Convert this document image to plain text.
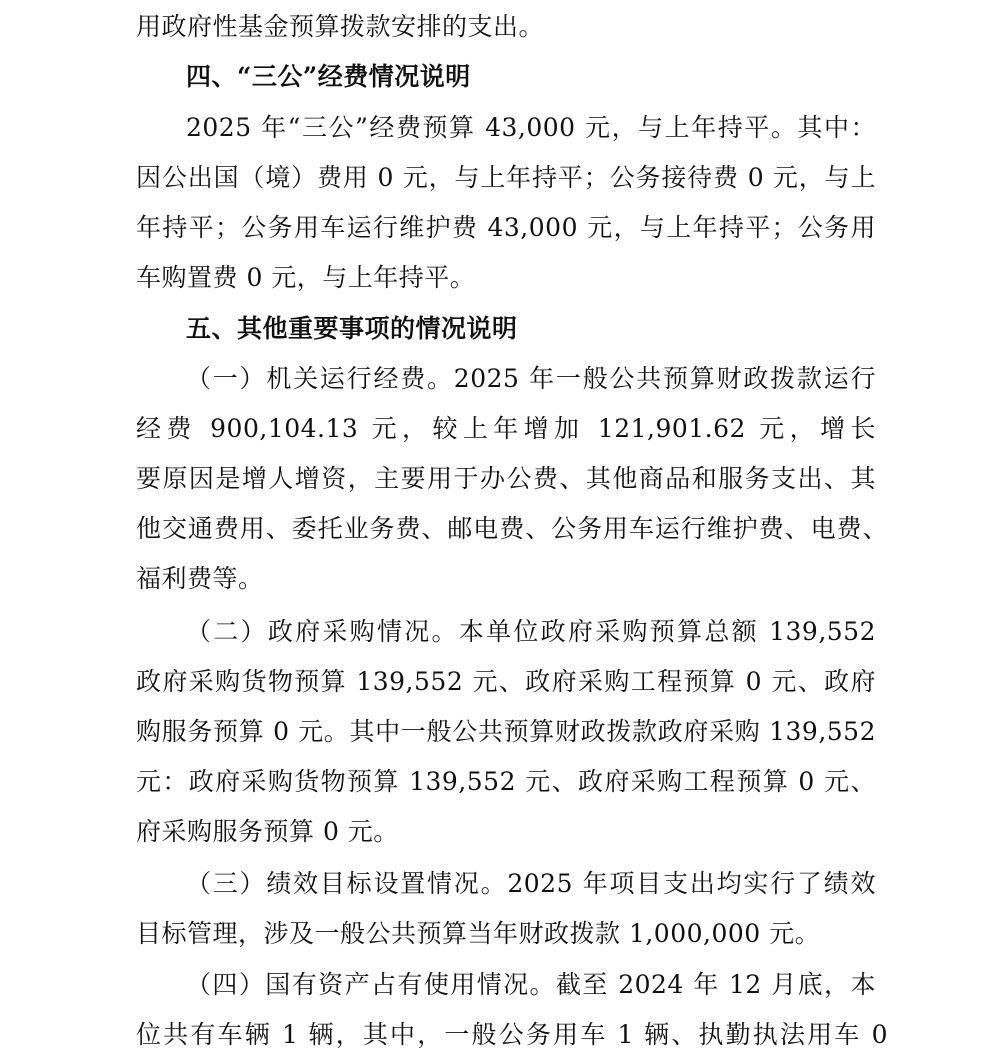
用政府性基金预算拨款安排的支出。
四、“三公”经费情况说明
2025 年“三公”经费预算 43,000 元，与上年持平。其中：
因公出国（境）费用 0 元，与上年持平；公务接待费 0 元，与上
年持平；公务用车运行维护费 43,000 元，与上年持平；公务用
车购置费 0 元，与上年持平。
五、其他重要事项的情况说明
（一）机关运行经费。2025 年一般公共预算财政拨款运行
经费 900,104.13 元，较上年增加 121,901.62 元，增长
要原因是增人增资，主要用于办公费、其他商品和服务支出、其
他交通费用、委托业务费、邮电费、公务用车运行维护费、电费、
福利费等。
（二）政府采购情况。本单位政府采购预算总额 139,552
政府采购货物预算 139,552 元、政府采购工程预算 0 元、政府
购服务预算 0 元。其中一般公共预算财政拨款政府采购 139,552
元：政府采购货物预算 139,552 元、政府采购工程预算 0 元、
府采购服务预算 0 元。
（三）绩效目标设置情况。2025 年项目支出均实行了绩效
目标管理，涉及一般公共预算当年财政拨款 1,000,000 元。
（四）国有资产占有使用情况。截至 2024 年 12 月底，本
位共有车辆 1 辆，其中，一般公务用车 1 辆、执勤执法用车 0
